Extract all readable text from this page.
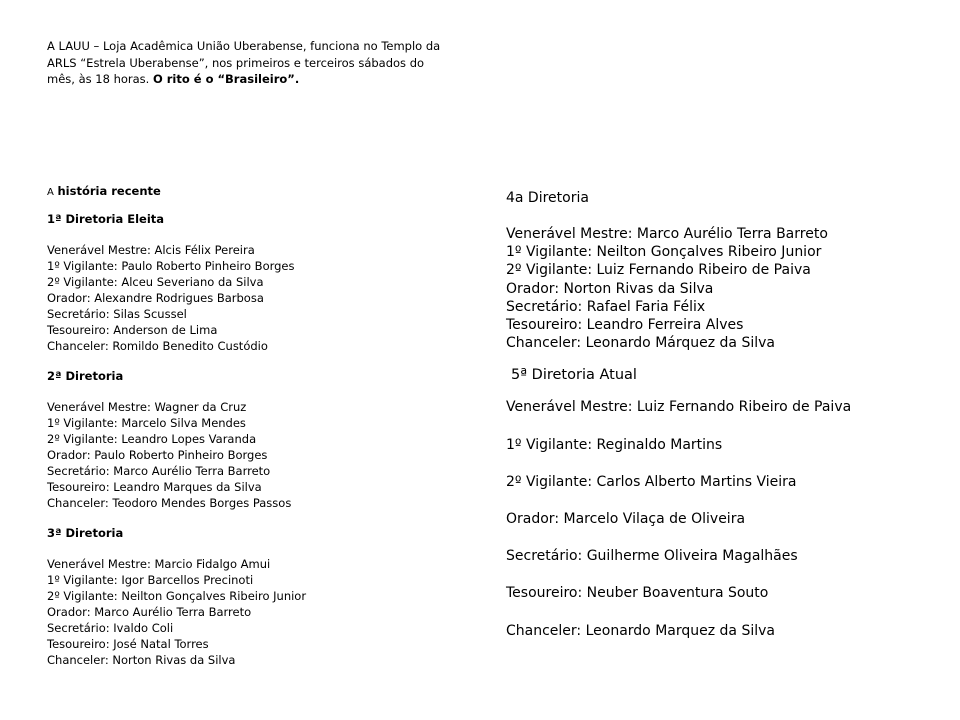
A LAUU – Loja Acadêmica União Uberabense, funciona no Templo da ARLS “Estrela Uberabense”, nos primeiros e terceiros sábados do mês, às 18 horas. O rito é o “Brasileiro”.

A história recente

1ª Diretoria Eleita

Venerável Mestre: Alcis Félix Pereira

1º Vigilante: Paulo Roberto Pinheiro Borges

2º Vigilante: Alceu Severiano da Silva

Orador: Alexandre Rodrigues Barbosa

Secretário: Silas Scussel

Tesoureiro: Anderson de Lima

Chanceler: Romildo Benedito Custódio

2ª Diretoria

Venerável Mestre: Wagner da Cruz

1º Vigilante: Marcelo Silva Mendes

2º Vigilante: Leandro Lopes Varanda

Orador: Paulo Roberto Pinheiro Borges

Secretário: Marco Aurélio Terra Barreto

Tesoureiro: Leandro Marques da Silva

Chanceler: Teodoro Mendes Borges Passos

3ª Diretoria

Venerável Mestre: Marcio Fidalgo Amui

1º Vigilante: Igor Barcellos Precinoti

2º Vigilante: Neilton Gonçalves Ribeiro Junior

Orador: Marco Aurélio Terra Barreto

Secretário: Ivaldo Coli

Tesoureiro: José Natal Torres

Chanceler: Norton Rivas da Silva

4a Diretoria

Venerável Mestre: Marco Aurélio Terra Barreto

1º Vigilante: Neilton Gonçalves Ribeiro Junior

2º Vigilante: Luiz Fernando Ribeiro de Paiva

Orador: Norton Rivas da Silva

Secretário: Rafael Faria Félix

Tesoureiro: Leandro Ferreira Alves

Chanceler: Leonardo Márquez da Silva

5ª Diretoria Atual

Venerável Mestre: Luiz Fernando Ribeiro de Paiva

1º Vigilante: Reginaldo Martins

2º Vigilante: Carlos Alberto Martins Vieira

Orador: Marcelo Vilaça de Oliveira

Secretário: Guilherme Oliveira Magalhães

Tesoureiro: Neuber Boaventura Souto

Chanceler: Leonardo Marquez da Silva
